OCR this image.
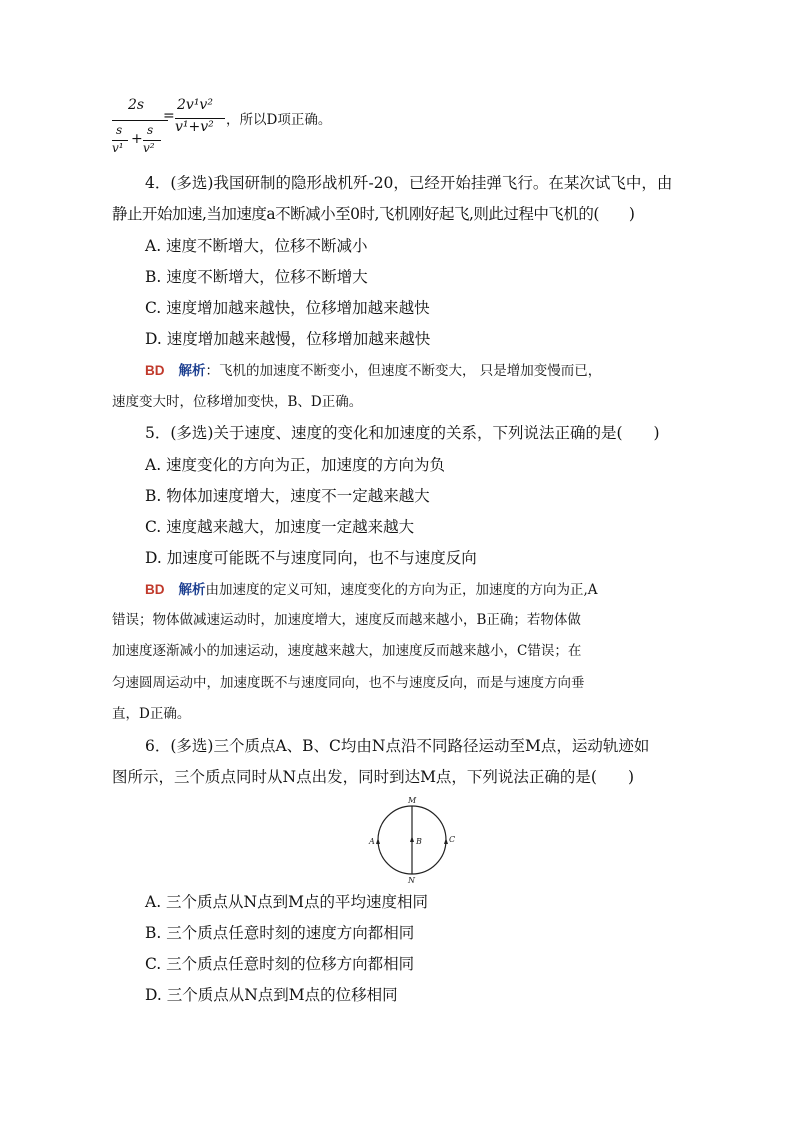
2s
s
v¹
+
s
v²
=
2v¹v²
v¹+v² ，所以D项正确。
4．(多选)我国研制的隐形战机歼-20，已经开始挂弹飞行。在某次试飞中，由
静止开始加速,当加速度a不断减小至0时,飞机刚好起飞,则此过程中飞机的(　　)
A. 速度不断增大，位移不断减小
B. 速度不断增大，位移不断增大
C. 速度增加越来越快，位移增加越来越快
D. 速度增加越来越慢，位移增加越来越快
BD 解析：飞机的加速度不断变小，但速度不断变大， 只是增加变慢而已，
速度变大时，位移增加变快，B、D正确。
5．(多选)关于速度、速度的变化和加速度的关系，下列说法正确的是(　　)
A. 速度变化的方向为正，加速度的方向为负
B. 物体加速度增大，速度不一定越来越大
C. 速度越来越大，加速度一定越来越大
D. 加速度可能既不与速度同向，也不与速度反向
BD 解析由加速度的定义可知，速度变化的方向为正，加速度的方向为正,A
错误；物体做减速运动时，加速度增大，速度反而越来越小，B正确；若物体做
加速度逐渐减小的加速运动，速度越来越大，加速度反而越来越小，C错误；在
匀速圆周运动中，加速度既不与速度同向，也不与速度反向，而是与速度方向垂
直，D正确。
6．(多选)三个质点A、B、C均由N点沿不同路径运动至M点，运动轨迹如
图所示，三个质点同时从N点出发，同时到达M点，下列说法正确的是(　　)
M
N
A	B	C
A. 三个质点从N点到M点的平均速度相同
B. 三个质点任意时刻的速度方向都相同
C. 三个质点任意时刻的位移方向都相同
D. 三个质点从N点到M点的位移相同
